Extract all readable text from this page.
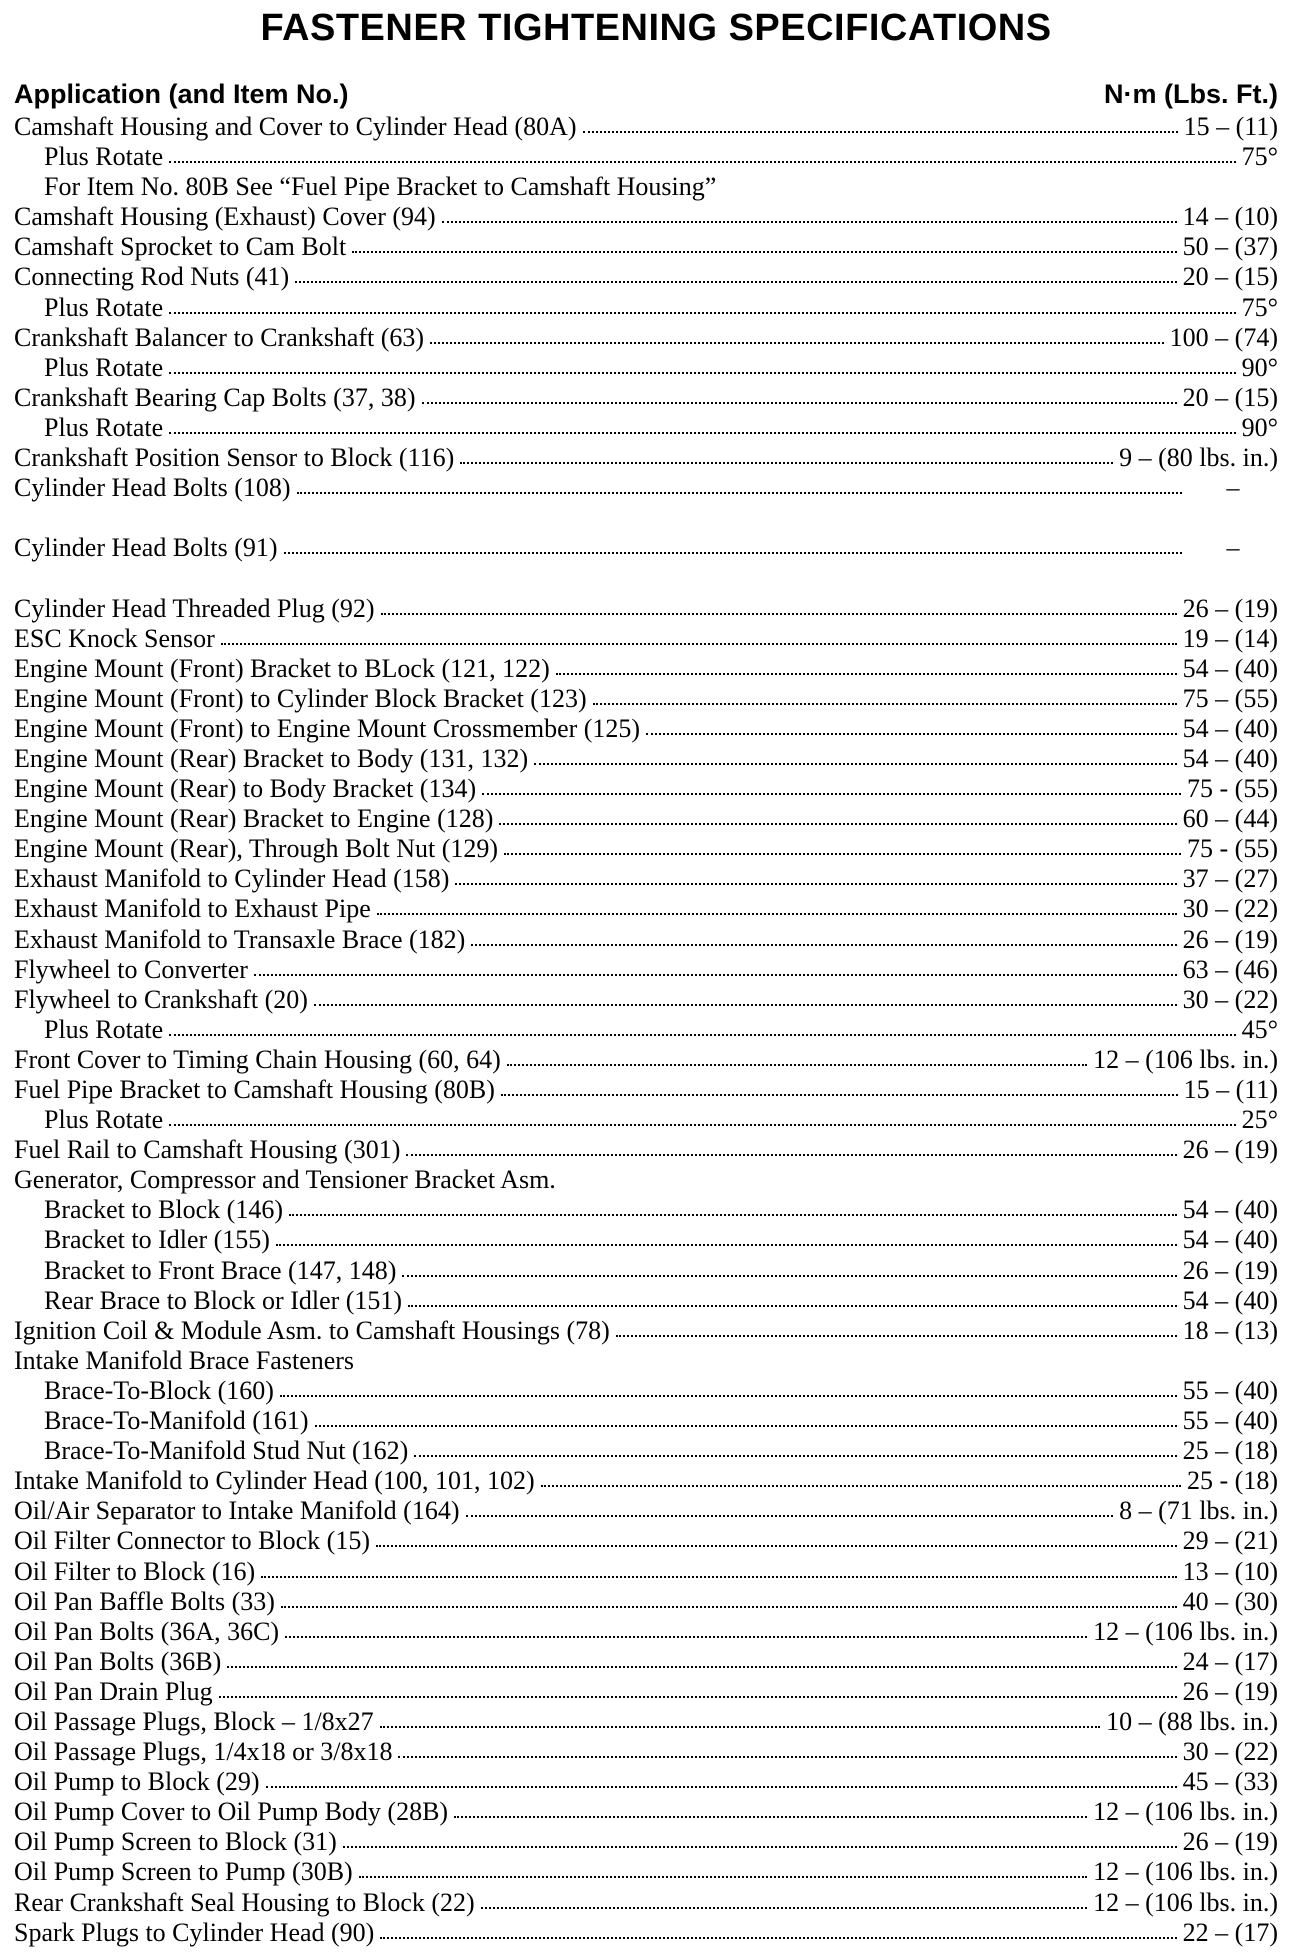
FASTENER TIGHTENING SPECIFICATIONS
Application (and Item No.)	N·m (Lbs. Ft.)
Camshaft Housing and Cover to Cylinder Head (80A)	15 – (11)
Plus Rotate	75°
For Item No. 80B See “Fuel Pipe Bracket to Camshaft Housing”
Camshaft Housing (Exhaust) Cover (94)	14 – (10)
Camshaft Sprocket to Cam Bolt	50 – (37)
Connecting Rod Nuts (41)	20 – (15)
Plus Rotate	75°
Crankshaft Balancer to Crankshaft (63)	100 – (74)
Plus Rotate	90°
Crankshaft Bearing Cap Bolts (37, 38)	20 – (15)
Plus Rotate	90°
Crankshaft Position Sensor to Block (116)	9 – (80 lbs. in.)
Cylinder Head Bolts (108)	–
Cylinder Head Bolts (91)	–
Cylinder Head Threaded Plug (92)	26 – (19)
ESC Knock Sensor	19 – (14)
Engine Mount (Front) Bracket to BLock (121, 122)	54 – (40)
Engine Mount (Front) to Cylinder Block Bracket (123)	75 – (55)
Engine Mount (Front) to Engine Mount Crossmember (125)	54 – (40)
Engine Mount (Rear) Bracket to Body (131, 132)	54 – (40)
Engine Mount (Rear) to Body Bracket (134)	75 - (55)
Engine Mount (Rear) Bracket to Engine (128)	60 – (44)
Engine Mount (Rear), Through Bolt Nut (129)	75 - (55)
Exhaust Manifold to Cylinder Head (158)	37 – (27)
Exhaust Manifold to Exhaust Pipe	30 – (22)
Exhaust Manifold to Transaxle Brace (182)	26 – (19)
Flywheel to Converter	63 – (46)
Flywheel to Crankshaft (20)	30 – (22)
Plus Rotate	45°
Front Cover to Timing Chain Housing (60, 64)	12 – (106 lbs. in.)
Fuel Pipe Bracket to Camshaft Housing (80B)	15 – (11)
Plus Rotate	25°
Fuel Rail to Camshaft Housing (301)	26 – (19)
Generator, Compressor and Tensioner Bracket Asm.
Bracket to Block (146)	54 – (40)
Bracket to Idler (155)	54 – (40)
Bracket to Front Brace (147, 148)	26 – (19)
Rear Brace to Block or Idler (151)	54 – (40)
Ignition Coil & Module Asm. to Camshaft Housings (78)	18 – (13)
Intake Manifold Brace Fasteners
Brace-To-Block (160)	55 – (40)
Brace-To-Manifold (161)	55 – (40)
Brace-To-Manifold Stud Nut (162)	25 – (18)
Intake Manifold to Cylinder Head (100, 101, 102)	25 - (18)
Oil/Air Separator to Intake Manifold (164)	8 – (71 lbs. in.)
Oil Filter Connector to Block (15)	29 – (21)
Oil Filter to Block (16)	13 – (10)
Oil Pan Baffle Bolts (33)	40 – (30)
Oil Pan Bolts (36A, 36C)	12 – (106 lbs. in.)
Oil Pan Bolts (36B)	24 – (17)
Oil Pan Drain Plug	26 – (19)
Oil Passage Plugs, Block – 1/8x27	10 – (88 lbs. in.)
Oil Passage Plugs, 1/4x18 or 3/8x18	30 – (22)
Oil Pump to Block (29)	45 – (33)
Oil Pump Cover to Oil Pump Body (28B)	12 – (106 lbs. in.)
Oil Pump Screen to Block (31)	26 – (19)
Oil Pump Screen to Pump (30B)	12 – (106 lbs. in.)
Rear Crankshaft Seal Housing to Block (22)	12 – (106 lbs. in.)
Spark Plugs to Cylinder Head (90)	22 – (17)
